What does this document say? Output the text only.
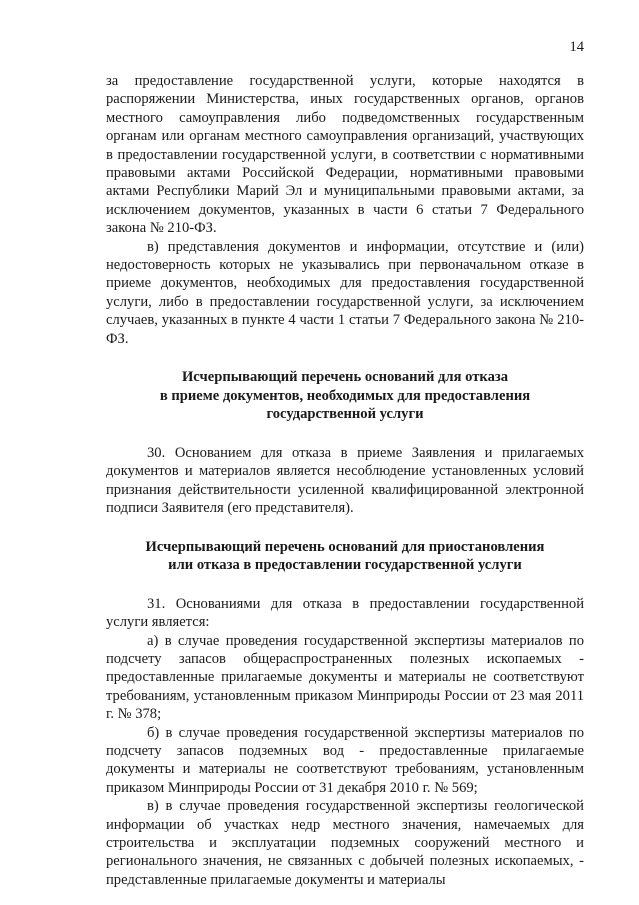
14

за предоставление государственной услуги, которые находятся в распоряжении Министерства, иных государственных органов, органов местного самоуправления либо подведомственных государственным органам или органам местного самоуправления организаций, участвующих в предоставлении государственной услуги, в соответствии с нормативными правовыми актами Российской Федерации, нормативными правовыми актами Республики Марий Эл и муниципальными правовыми актами, за исключением документов, указанных в части 6 статьи 7 Федерального закона № 210-ФЗ.

в) представления документов и информации, отсутствие и (или) недостоверность которых не указывались при первоначальном отказе в приеме документов, необходимых для предоставления государственной услуги, либо в предоставлении государственной услуги, за исключением случаев, указанных в пункте 4 части 1 статьи 7 Федерального закона № 210-ФЗ.

Исчерпывающий перечень оснований для отказа
в приеме документов, необходимых для предоставления
государственной услуги

30. Основанием для отказа в приеме Заявления и прилагаемых документов и материалов является несоблюдение установленных условий признания действительности усиленной квалифицированной электронной подписи Заявителя (его представителя).

Исчерпывающий перечень оснований для приостановления
или отказа в предоставлении государственной услуги

31. Основаниями для отказа в предоставлении государственной услуги является:

а) в случае проведения государственной экспертизы материалов по подсчету запасов общераспространенных полезных ископаемых - предоставленные прилагаемые документы и материалы не соответствуют требованиям, установленным приказом Минприроды России от 23 мая 2011 г. № 378;

б) в случае проведения государственной экспертизы материалов по подсчету запасов подземных вод - предоставленные прилагаемые документы и материалы не соответствуют требованиям, установленным приказом Минприроды России от 31 декабря 2010 г. № 569;

в) в случае проведения государственной экспертизы геологической информации об участках недр местного значения, намечаемых для строительства и эксплуатации подземных сооружений местного и регионального значения, не связанных с добычей полезных ископаемых, - представленные прилагаемые документы и материалы
